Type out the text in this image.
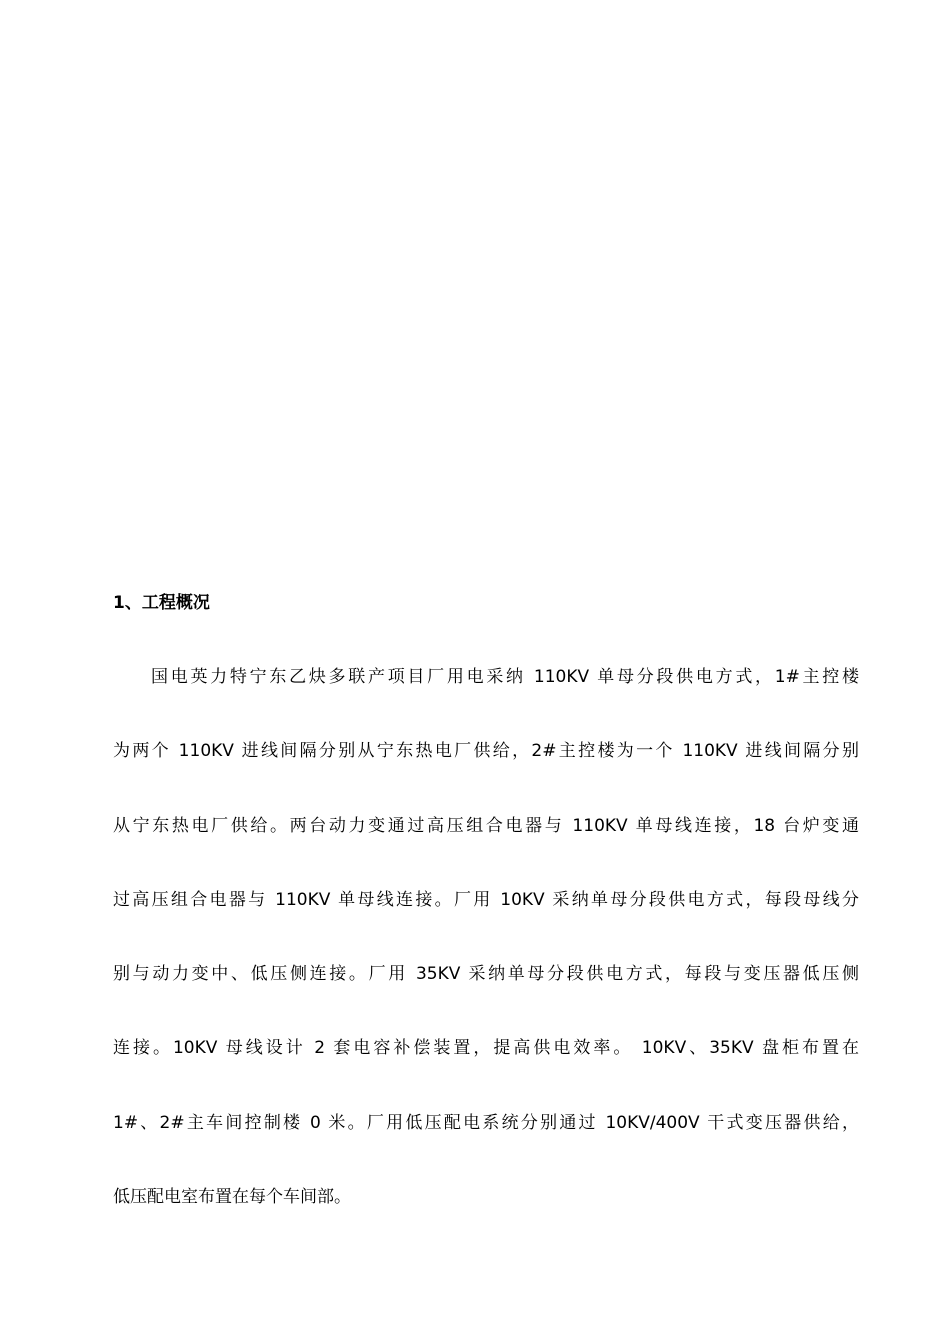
1、工程概况

国电英力特宁东乙炔多联产项目厂用电采纳 110KV 单母分段供电方式，1#主控楼
为两个 110KV 进线间隔分别从宁东热电厂供给，2#主控楼为一个 110KV 进线间隔分别
从宁东热电厂供给。两台动力变通过高压组合电器与 110KV 单母线连接，18 台炉变通
过高压组合电器与 110KV 单母线连接。厂用 10KV 采纳单母分段供电方式，每段母线分
别与动力变中、低压侧连接。厂用 35KV 采纳单母分段供电方式，每段与变压器低压侧
连接。10KV 母线设计 2 套电容补偿装置，提高供电效率。 10KV、35KV 盘柜布置在
1#、2#主车间控制楼 0 米。厂用低压配电系统分别通过 10KV/400V 干式变压器供给，
低压配电室布置在每个车间部。
